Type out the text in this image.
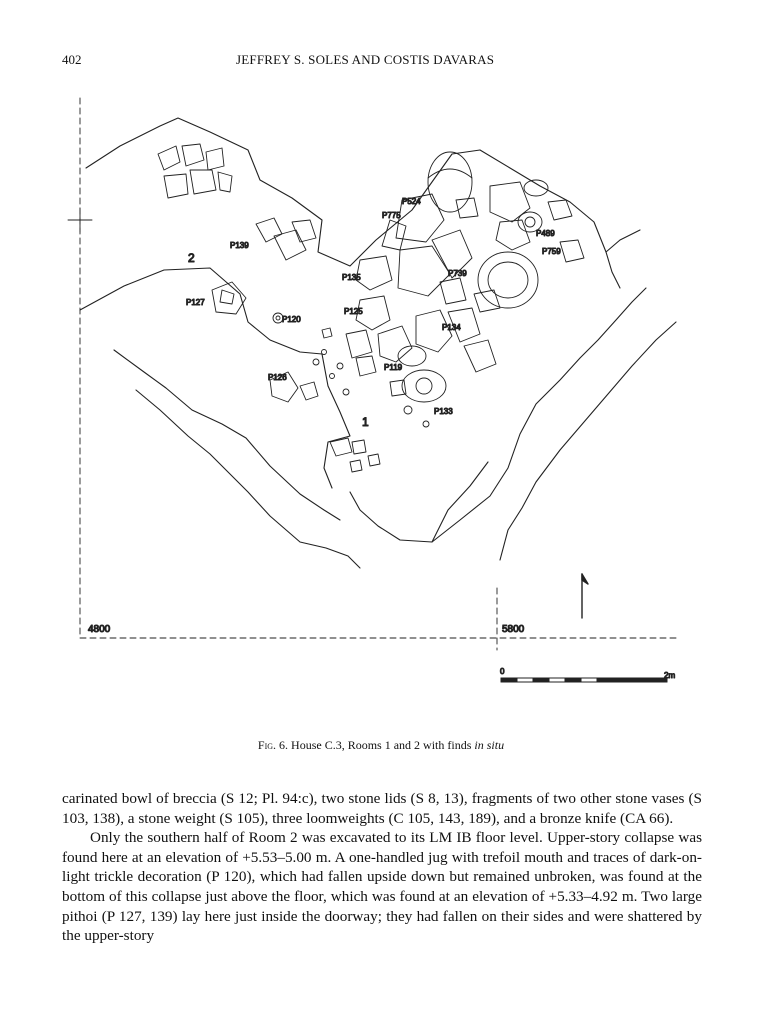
402	JEFFREY S. SOLES AND COSTIS DAVARAS
2
1
P524
P775
P489
P759
P139
P135	P739
P127
P120
P125
P134
P119
P126
P133
4800	5800
0	2m
Fig. 6. House C.3, Rooms 1 and 2 with finds in situ

carinated bowl of breccia (S 12; Pl. 94:c), two stone lids (S 8, 13), fragments of two other stone vases (S 103, 138), a stone weight (S 105), three loomweights (C 105, 143, 189), and a bronze knife (CA 66).

Only the southern half of Room 2 was excavated to its LM IB floor level. Upper-story collapse was found here at an elevation of +5.53–5.00 m. A one-handled jug with trefoil mouth and traces of dark-on-light trickle decoration (P 120), which had fallen upside down but remained unbroken, was found at the bottom of this collapse just above the floor, which was found at an elevation of +5.33–4.92 m. Two large pithoi (P 127, 139) lay here just inside the doorway; they had fallen on their sides and were shattered by the upper-story
